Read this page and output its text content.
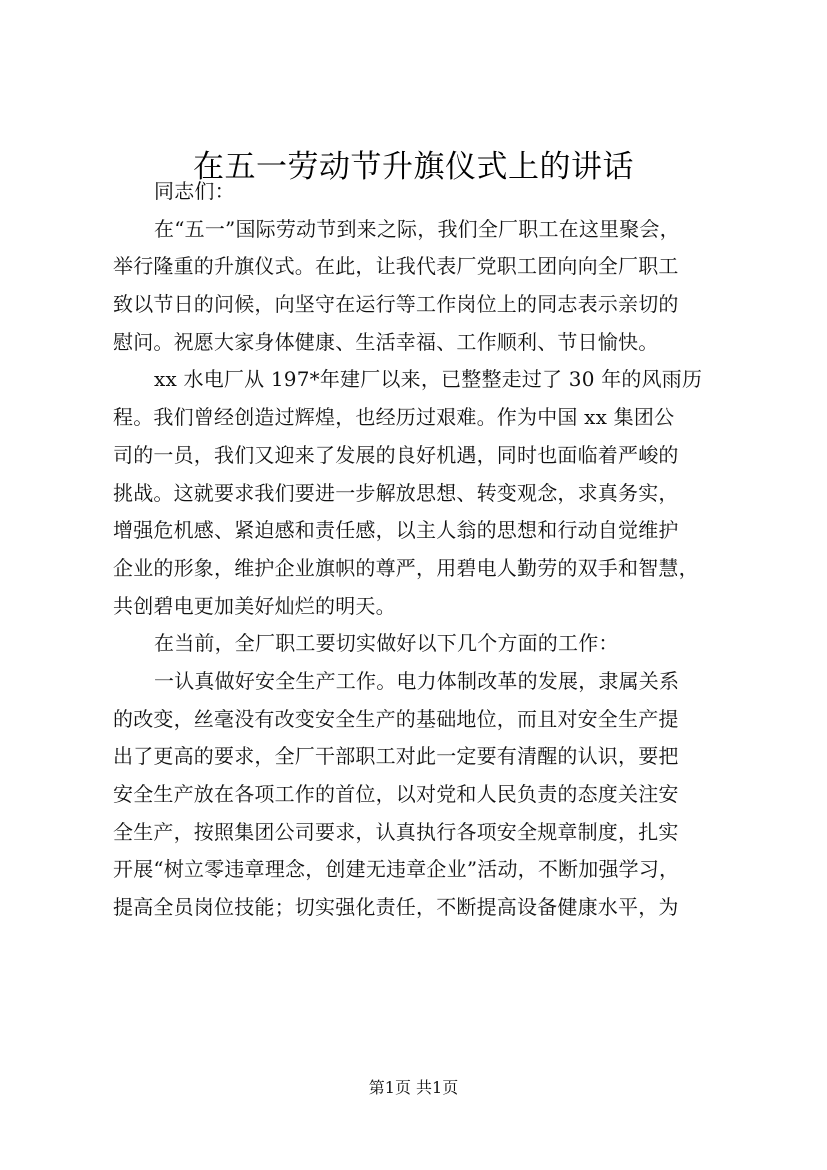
在五一劳动节升旗仪式上的讲话
同志们：
在“五一”国际劳动节到来之际，我们全厂职工在这里聚会，
举行隆重的升旗仪式。在此，让我代表厂党职工团向向全厂职工
致以节日的问候，向坚守在运行等工作岗位上的同志表示亲切的
慰问。祝愿大家身体健康、生活幸福、工作顺利、节日愉快。
xx 水电厂从 197*年建厂以来，已整整走过了 30 年的风雨历
程。我们曾经创造过辉煌，也经历过艰难。作为中国 xx 集团公
司的一员，我们又迎来了发展的良好机遇，同时也面临着严峻的
挑战。这就要求我们要进一步解放思想、转变观念，求真务实，
增强危机感、紧迫感和责任感，以主人翁的思想和行动自觉维护
企业的形象，维护企业旗帜的尊严，用碧电人勤劳的双手和智慧，
共创碧电更加美好灿烂的明天。
在当前，全厂职工要切实做好以下几个方面的工作：
一认真做好安全生产工作。电力体制改革的发展，隶属关系
的改变，丝毫没有改变安全生产的基础地位，而且对安全生产提
出了更高的要求，全厂干部职工对此一定要有清醒的认识，要把
安全生产放在各项工作的首位，以对党和人民负责的态度关注安
全生产，按照集团公司要求，认真执行各项安全规章制度，扎实
开展“树立零违章理念，创建无违章企业”活动，不断加强学习，
提高全员岗位技能；切实强化责任，不断提高设备健康水平，为
第1页 共1页
